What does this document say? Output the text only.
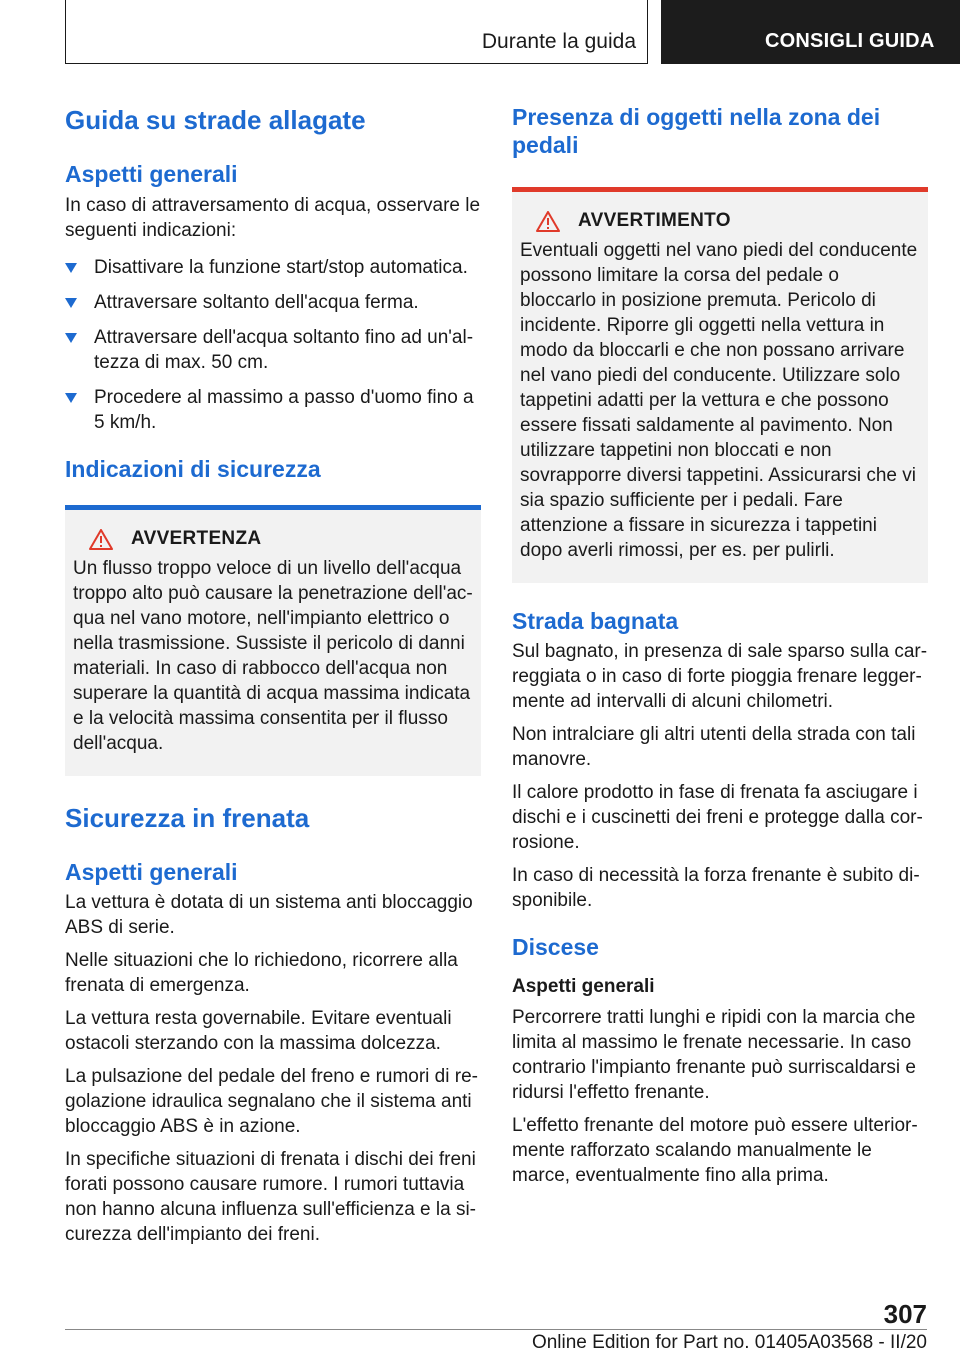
Durante la guida	CONSIGLI GUIDA
Guida su strade allagate
Aspetti generali

In caso di attraversamento di acqua, osservare le seguenti indicazioni:

Disattivare la funzione start/stop automatica.
Attraversare soltanto dell'acqua ferma.
Attraversare dell'acqua soltanto fino ad un'altezza di max. 50 cm.
Procedere al massimo a passo d'uomo fino a 5 km/h.
Indicazioni di sicurezza
AVVERTENZA

Un flusso troppo veloce di un livello dell'acqua troppo alto può causare la penetrazione dell'acqua nel vano motore, nell'impianto elettrico o nella trasmissione. Sussiste il pericolo di danni materiali. In caso di rabbocco dell'acqua non superare la quantità di acqua massima indicata e la velocità massima consentita per il flusso dell'acqua.

Sicurezza in frenata
Aspetti generali

La vettura è dotata di un sistema anti bloccaggio ABS di serie.

Nelle situazioni che lo richiedono, ricorrere alla frenata di emergenza.

La vettura resta governabile. Evitare eventuali ostacoli sterzando con la massima dolcezza.

La pulsazione del pedale del freno e rumori di regolazione idraulica segnalano che il sistema anti bloccaggio ABS è in azione.

In specifiche situazioni di frenata i dischi dei freni forati possono causare rumore. I rumori tuttavia non hanno alcuna influenza sull'efficienza e la sicurezza dell'impianto dei freni.

Presenza di oggetti nella zona dei pedali
AVVERTIMENTO

Eventuali oggetti nel vano piedi del conducente possono limitare la corsa del pedale o bloccarlo in posizione premuta. Pericolo di incidente. Riporre gli oggetti nella vettura in modo da bloccarli e che non possano arrivare nel vano piedi del conducente. Utilizzare solo tappetini adatti per la vettura e che possono essere fissati saldamente al pavimento. Non utilizzare tappetini non bloccati e non sovrapporre diversi tappetini. Assicurarsi che vi sia spazio sufficiente per i pedali. Fare attenzione a fissare in sicurezza i tappetini dopo averli rimossi, per es. per pulirli.

Strada bagnata

Sul bagnato, in presenza di sale sparso sulla carreggiata o in caso di forte pioggia frenare leggermente ad intervalli di alcuni chilometri.

Non intralciare gli altri utenti della strada con tali manovre.

Il calore prodotto in fase di frenata fa asciugare i dischi e i cuscinetti dei freni e protegge dalla corrosione.

In caso di necessità la forza frenante è subito disponibile.

Discese
Aspetti generali

Percorrere tratti lunghi e ripidi con la marcia che limita al massimo le frenate necessarie. In caso contrario l'impianto frenante può surriscaldarsi e ridursi l'effetto frenante.

L'effetto frenante del motore può essere ulteriormente rafforzato scalando manualmente le marce, eventualmente fino alla prima.

307
Online Edition for Part no. 01405A03568 - II/20
